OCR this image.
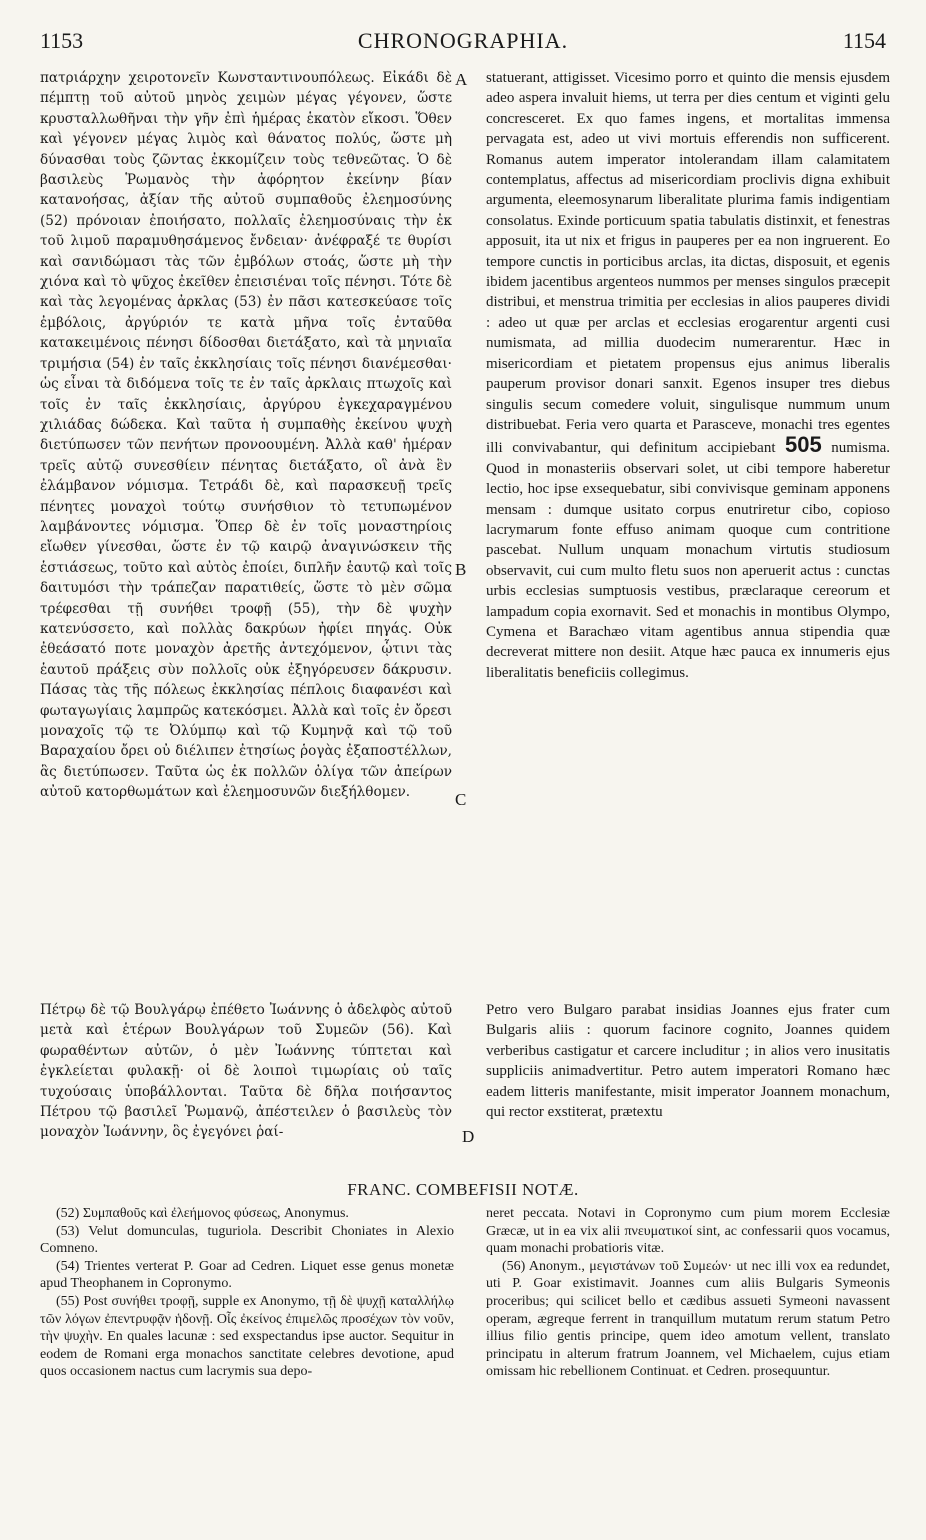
1153	CHRONOGRAPHIA.	1154

πατριάρχην χειροτονεῖν Κωνσταντινουπόλεως. Εἰκάδι δὲ πέμπτῃ τοῦ αὐτοῦ μηνὸς χειμὼν μέγας γέγονεν, ὥστε κρυσταλλωθῆναι τὴν γῆν ἐπὶ ἡμέρας ἑκατὸν εἴκοσι. Ὅθεν καὶ γέγονεν μέγας λιμὸς καὶ θάνατος πολύς, ὥστε μὴ δύνασθαι τοὺς ζῶντας ἐκκομίζειν τοὺς τεθνεῶτας. Ὁ δὲ βασιλεὺς Ῥωμανὸς τὴν ἀφόρητον ἐκείνην βίαν κατανοήσας, ἀξίαν τῆς αὐτοῦ συμπαθοῦς ἐλεημοσύνης (52) πρόνοιαν ἐποιήσατο, πολλαῖς ἐλεημοσύναις τὴν ἐκ τοῦ λιμοῦ παραμυθησάμενος ἔνδειαν· ἀνέφραξέ τε θυρίσι καὶ σανιδώμασι τὰς τῶν ἐμβόλων στοάς, ὥστε μὴ τὴν χιόνα καὶ τὸ ψῦχος ἐκεῖθεν ἐπεισιέναι τοῖς πένησι. Τότε δὲ καὶ τὰς λεγομένας ἀρκλας (53) ἐν πᾶσι κατεσκεύασε τοῖς ἐμβόλοις, ἀργύριόν τε κατὰ μῆνα τοῖς ἐνταῦθα κατακειμένοις πένησι δίδοσθαι διετάξατο, καὶ τὰ μηνιαῖα τριμήσια (54) ἐν ταῖς ἐκκλησίαις τοῖς πένησι διανέμεσθαι· ὡς εἶναι τὰ διδόμενα τοῖς τε ἐν ταῖς ἀρκλαις πτωχοῖς καὶ τοῖς ἐν ταῖς ἐκκλησίαις, ἀργύρου ἐγκεχαραγμένου χιλιάδας δώδεκα. Καὶ ταῦτα ἡ συμπαθὴς ἐκείνου ψυχὴ διετύπωσεν τῶν πενήτων προνοουμένη. Ἀλλὰ καθ' ἡμέραν τρεῖς αὐτῷ συνεσθίειν πένητας διετάξατο, οἳ ἀνὰ ἓν ἐλάμβανον νόμισμα. Τετράδι δὲ, καὶ παρασκευῇ τρεῖς πένητες μοναχοὶ τούτῳ συνήσθιον τὸ τετυπωμένον λαμβάνοντες νόμισμα. Ὅπερ δὲ ἐν τοῖς μοναστηρίοις εἴωθεν γίνεσθαι, ὥστε ἐν τῷ καιρῷ ἀναγινώσκειν τῆς ἑστιάσεως, τοῦτο καὶ αὐτὸς ἐποίει, διπλῆν ἑαυτῷ καὶ τοῖς δαιτυμόσι τὴν τράπεζαν παρατιθείς, ὥστε τὸ μὲν σῶμα τρέφεσθαι τῇ συνήθει τροφῇ (55), τὴν δὲ ψυχὴν κατενύσσετο, καὶ πολλὰς δακρύων ἠφίει πηγάς. Οὐκ ἐθεάσατό ποτε μοναχὸν ἀρετῆς ἀντεχόμενον, ᾧτινι τὰς ἑαυτοῦ πράξεις σὺν πολλοῖς οὐκ ἐξηγόρευσεν δάκρυσιν. Πάσας τὰς τῆς πόλεως ἐκκλησίας πέπλοις διαφανέσι καὶ φωταγωγίαις λαμπρῶς κατεκόσμει. Ἀλλὰ καὶ τοῖς ἐν ὄρεσι μοναχοῖς τῷ τε Ὀλύμπῳ καὶ τῷ Κυμηνᾷ καὶ τῷ τοῦ Βαραχαίου ὄρει οὐ διέλιπεν ἐτησίως ῥογὰς ἐξαποστέλλων, ἃς διετύπωσεν. Ταῦτα ὡς ἐκ πολλῶν ὀλίγα τῶν ἀπείρων αὐτοῦ κατορθωμάτων καὶ ἐλεημοσυνῶν διεξήλθομεν.

statuerant, attigisset. Vicesimo porro et quinto die mensis ejusdem adeo aspera invaluit hiems, ut terra per dies centum et viginti gelu concresceret. Ex quo fames ingens, et mortalitas immensa pervagata est, adeo ut vivi mortuis efferendis non sufficerent. Romanus autem imperator intolerandam illam calamitatem contemplatus, affectus ad misericordiam proclivis digna exhibuit argumenta, eleemosynarum liberalitate plurima famis indigentiam consolatus. Exinde porticuum spatia tabulatis distinxit, et fenestras apposuit, ita ut nix et frigus in pauperes per ea non ingruerent. Eo tempore cunctis in porticibus arclas, ita dictas, disposuit, et egenis ibidem jacentibus argenteos nummos per menses singulos præcepit distribui, et menstrua trimitia per ecclesias in alios pauperes dividi : adeo ut quæ per arclas et ecclesias erogarentur argenti cusi numismata, ad millia duodecim numerarentur. Hæc in misericordiam et pietatem propensus ejus animus liberalis pauperum provisor donari sanxit. Egenos insuper tres diebus singulis secum comedere voluit, singulisque nummum unum distribuebat. Feria vero quarta et Parasceve, monachi tres egentes illi convivabantur, qui definitum accipiebant 505 numisma. Quod in monasteriis observari solet, ut cibi tempore haberetur lectio, hoc ipse exsequebatur, sibi convivisque geminam apponens mensam : dumque usitato corpus enutriretur cibo, copioso lacrymarum fonte effuso animam quoque cum contritione pascebat. Nullum unquam monachum virtutis studiosum observavit, cui cum multo fletu suos non aperuerit actus : cunctas urbis ecclesias sumptuosis vestibus, præclaraque cereorum et lampadum copia exornavit. Sed et monachis in montibus Olympo, Cymena et Barachæo vitam agentibus annua stipendia quæ decreverat mittere non desiit. Atque hæc pauca ex innumeris ejus liberalitatis beneficiis collegimus.

Πέτρῳ δὲ τῷ Βουλγάρῳ ἐπέθετο Ἰωάννης ὁ ἀδελφὸς αὐτοῦ μετὰ καὶ ἑτέρων Βουλγάρων τοῦ Συμεῶν (56). Καὶ φωραθέντων αὐτῶν, ὁ μὲν Ἰωάννης τύπτεται καὶ ἐγκλείεται φυλακῇ· οἱ δὲ λοιποὶ τιμωρίαις οὐ ταῖς τυχούσαις ὑποβάλλονται. Ταῦτα δὲ δῆλα ποιήσαντος Πέτρου τῷ βασιλεῖ Ῥωμανῷ, ἀπέστειλεν ὁ βασιλεὺς τὸν μοναχὸν Ἰωάννην, ὃς ἐγεγόνει ῥαί-

Petro vero Bulgaro parabat insidias Joannes ejus frater cum Bulgaris aliis : quorum facinore cognito, Joannes quidem verberibus castigatur et carcere includitur ; in alios vero inusitatis suppliciis animadvertitur. Petro autem imperatori Romano hæc eadem litteris manifestante, misit imperator Joannem monachum, qui rector exstiterat, prætextu

A
B
C
D
FRANC. COMBEFISII NOTÆ.

(52) Συμπαθοῦς καὶ ἐλεήμονος φύσεως, Anonymus.

(53) Velut domunculas, tuguriola. Describit Choniates in Alexio Comneno.

(54) Trientes verterat P. Goar ad Cedren. Liquet esse genus monetæ apud Theophanem in Copronymo.

(55) Post συνήθει τροφῇ, supple ex Anonymo, τῇ δὲ ψυχῇ καταλλήλῳ τῶν λόγων ἐπεντρυφᾷν ἡδονῇ. Οἷς ἐκείνος ἐπιμελῶς προσέχων τὸν νοῦν, τὴν ψυχὴν. En quales lacunæ : sed exspectandus ipse auctor. Sequitur in eodem de Romani erga monachos sanctitate celebres devotione, apud quos occasionem nactus cum lacrymis sua depo-

neret peccata. Notavi in Copronymo cum pium morem Ecclesiæ Græcæ, ut in ea vix alii πνευματικοί sint, ac confessarii quos vocamus, quam monachi probatioris vitæ.

(56) Anonym., μεγιστάνων τοῦ Συμεών· ut nec illi vox ea redundet, uti P. Goar existimavit. Joannes cum aliis Bulgaris Symeonis proceribus; qui scilicet bello et cædibus assueti Symeoni navassent operam, ægreque ferrent in tranquillum mutatum rerum statum Petro illius filio gentis principe, quem ideo amotum vellent, translato principatu in alterum fratrum Joannem, vel Michaelem, cujus etiam omissam hic rebellionem Continuat. et Cedren. prosequuntur.
